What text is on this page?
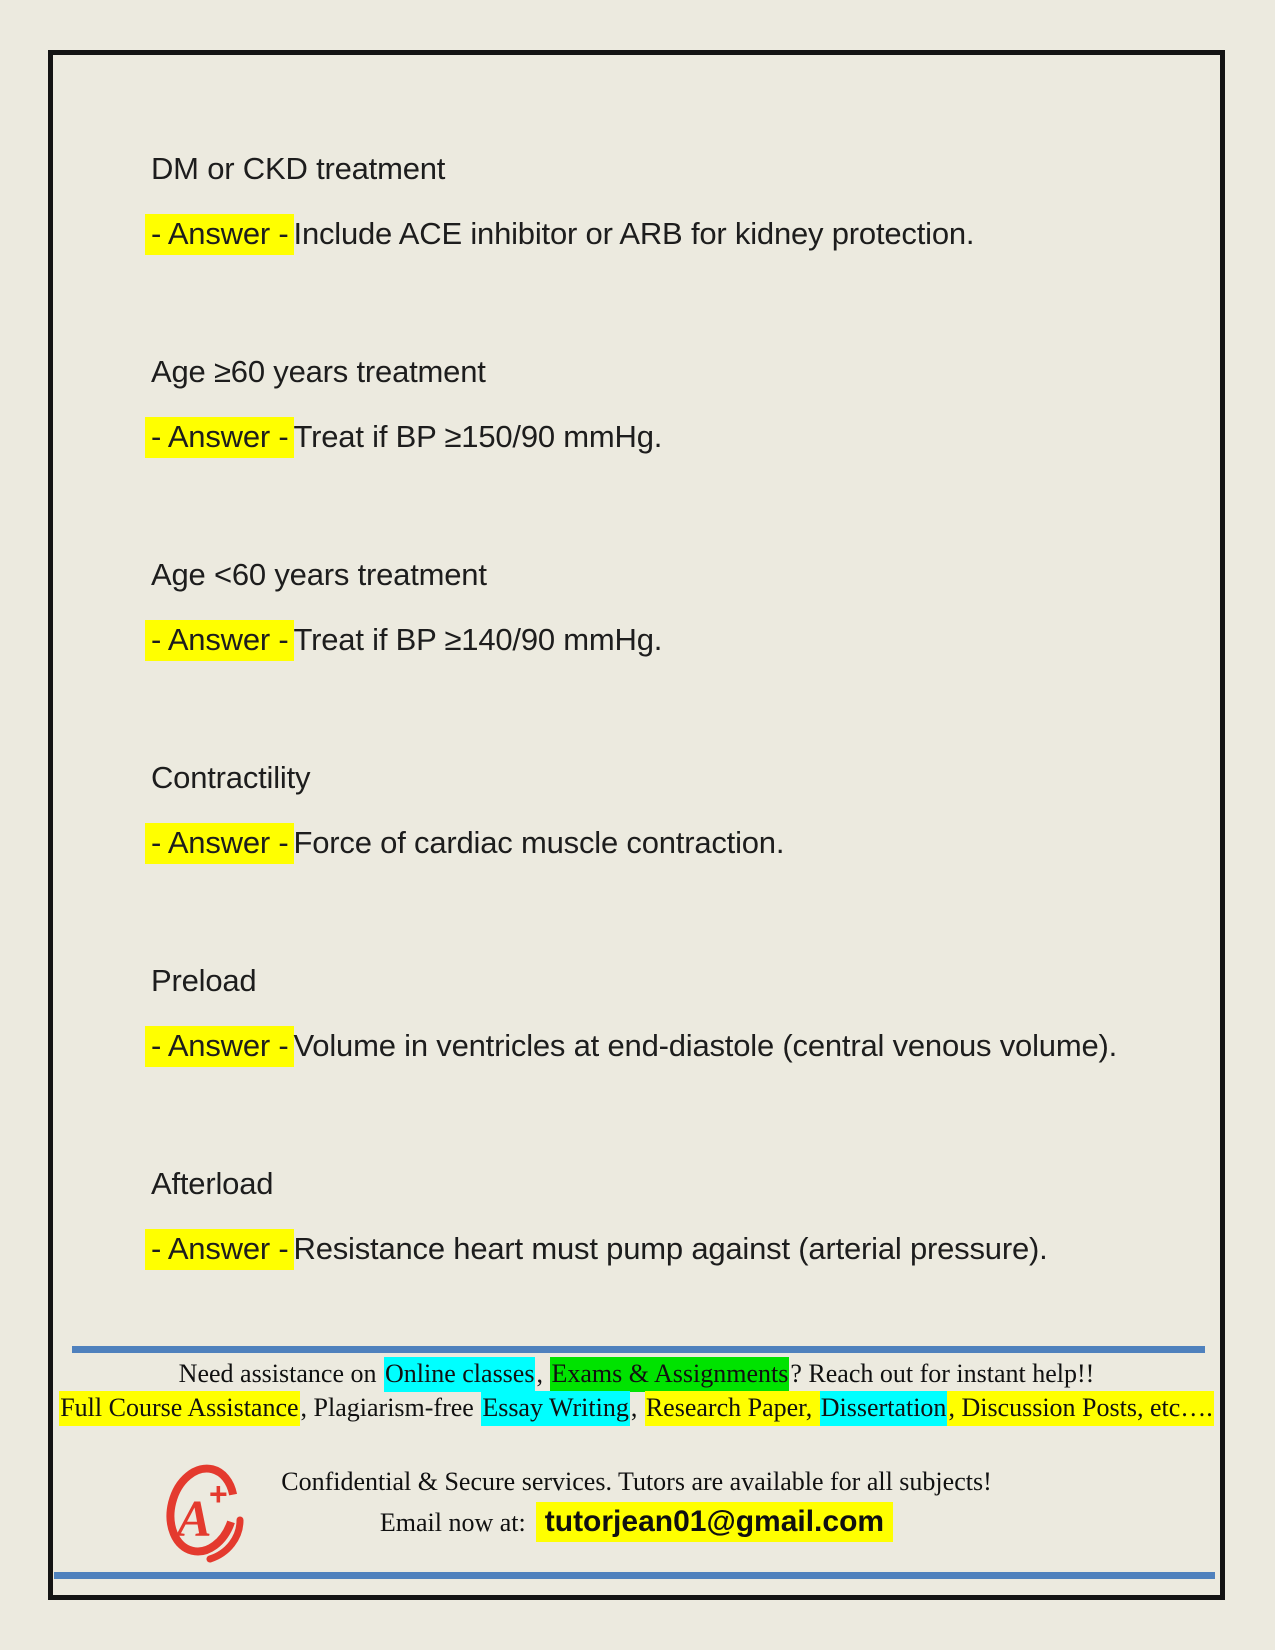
DM or CKD treatment
- Answer - Include ACE inhibitor or ARB for kidney protection.
Age ≥60 years treatment
- Answer - Treat if BP ≥150/90 mmHg.
Age <60 years treatment
- Answer - Treat if BP ≥140/90 mmHg.
Contractility
- Answer - Force of cardiac muscle contraction.
Preload
- Answer - Volume in ventricles at end-diastole (central venous volume).
Afterload
- Answer - Resistance heart must pump against (arterial pressure).
Need assistance on Online classes, Exams & Assignments? Reach out for instant help!!
Full Course Assistance, Plagiarism-free Essay Writing, Research Paper, Dissertation, Discussion Posts, etc….
A
+	Confidential & Secure services. Tutors are available for all subjects!
Email now at: tutorjean01@gmail.com
